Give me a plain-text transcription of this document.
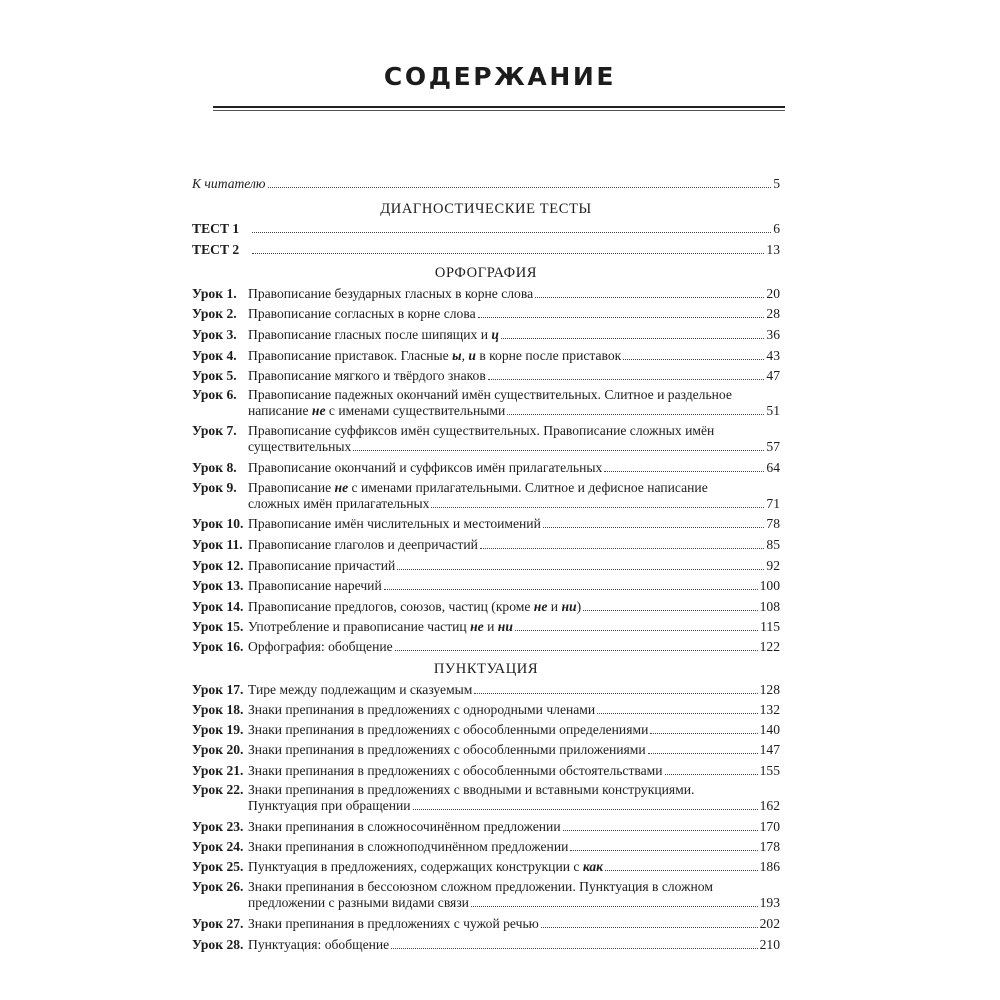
СОДЕРЖАНИЕ
К читателю	5
ДИАГНОСТИЧЕСКИЕ ТЕСТЫ
ТЕСТ 1	6
ТЕСТ 2	13
ОРФОГРАФИЯ
Урок 1. Правописание безударных гласных в корне слова	20
Урок 2. Правописание согласных в корне слова	28
Урок 3. Правописание гласных после шипящих и ц	36
Урок 4. Правописание приставок. Гласные ы, и в корне после приставок	43
Урок 5. Правописание мягкого и твёрдого знаков	47
Урок 6. Правописание падежных окончаний имён существительных. Слитное и раздельное
написание не с именами существительными	51
Урок 7. Правописание суффиксов имён существительных. Правописание сложных имён
существительных	57
Урок 8. Правописание окончаний и суффиксов имён прилагательных	64
Урок 9. Правописание не с именами прилагательными. Слитное и дефисное написание
сложных имён прилагательных	71
Урок 10. Правописание имён числительных и местоимений	78
Урок 11. Правописание глаголов и деепричастий	85
Урок 12. Правописание причастий	92
Урок 13. Правописание наречий	100
Урок 14. Правописание предлогов, союзов, частиц (кроме не и ни)	108
Урок 15. Употребление и правописание частиц не и ни	115
Урок 16. Орфография: обобщение	122
ПУНКТУАЦИЯ
Урок 17. Тире между подлежащим и сказуемым	128
Урок 18. Знаки препинания в предложениях с однородными членами	132
Урок 19. Знаки препинания в предложениях с обособленными определениями	140
Урок 20. Знаки препинания в предложениях с обособленными приложениями	147
Урок 21. Знаки препинания в предложениях с обособленными обстоятельствами	155
Урок 22. Знаки препинания в предложениях с вводными и вставными конструкциями.
Пунктуация при обращении	162
Урок 23. Знаки препинания в сложносочинённом предложении	170
Урок 24. Знаки препинания в сложноподчинённом предложении	178
Урок 25. Пунктуация в предложениях, содержащих конструкции с как	186
Урок 26. Знаки препинания в бессоюзном сложном предложении. Пунктуация в сложном
предложении с разными видами связи	193
Урок 27. Знаки препинания в предложениях с чужой речью	202
Урок 28. Пунктуация: обобщение	210
